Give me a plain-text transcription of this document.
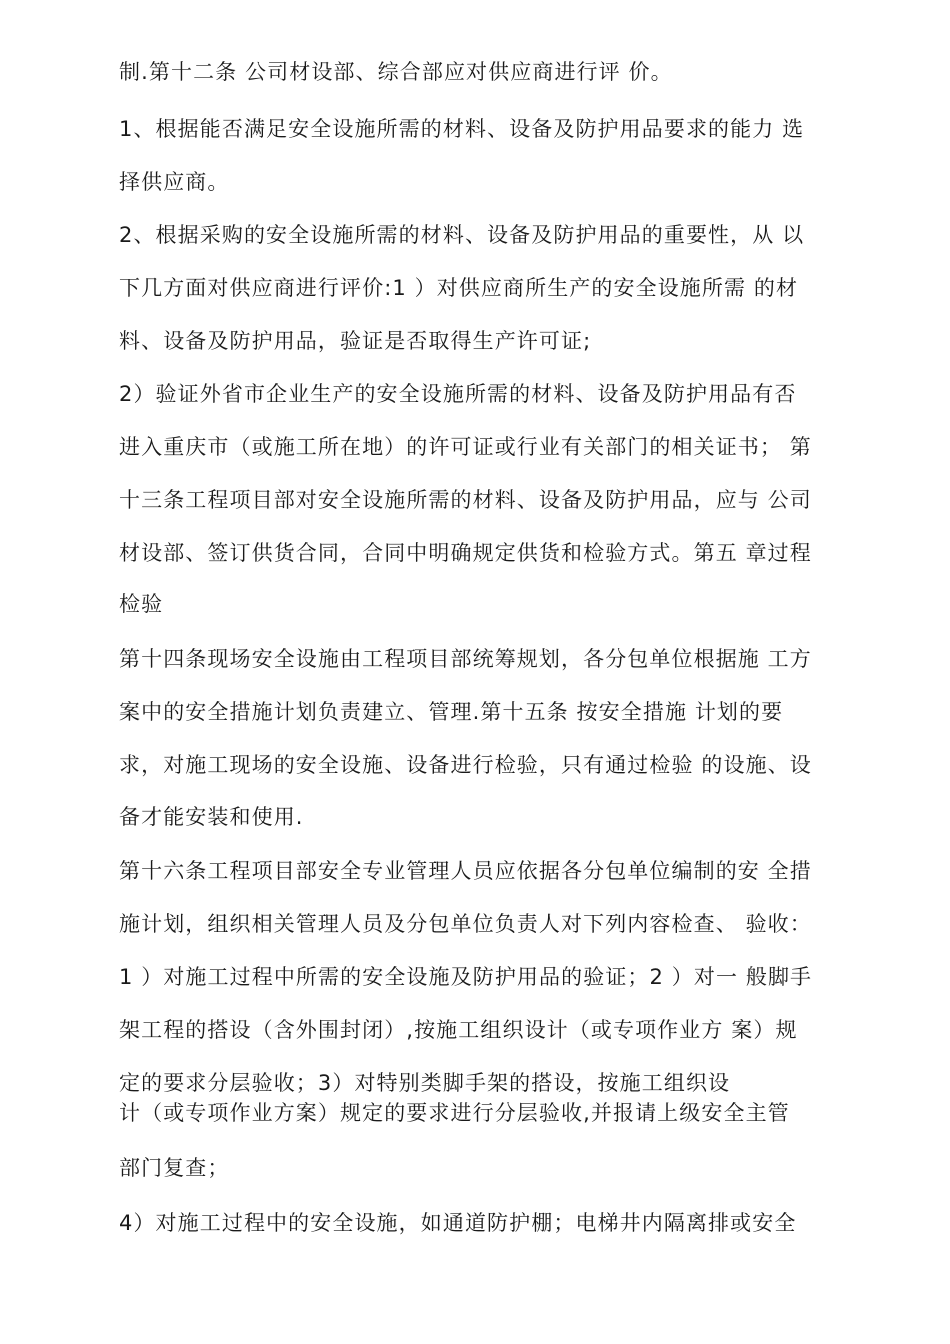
制.第十二条 公司材设部、综合部应对供应商进行评 价。
1、根据能否满足安全设施所需的材料、设备及防护用品要求的能力 选
择供应商。
2、根据采购的安全设施所需的材料、设备及防护用品的重要性，从 以
下几方面对供应商进行评价:1 ）对供应商所生产的安全设施所需 的材
料、设备及防护用品，验证是否取得生产许可证;
2）验证外省市企业生产的安全设施所需的材料、设备及防护用品有否
进入重庆市（或施工所在地）的许可证或行业有关部门的相关证书； 第
十三条工程项目部对安全设施所需的材料、设备及防护用品，应与 公司
材设部、签订供货合同，合同中明确规定供货和检验方式。第五 章过程
检验
第十四条现场安全设施由工程项目部统筹规划，各分包单位根据施 工方
案中的安全措施计划负责建立、管理.第十五条 按安全措施 计划的要
求，对施工现场的安全设施、设备进行检验，只有通过检验 的设施、设
备才能安装和使用.
第十六条工程项目部安全专业管理人员应依据各分包单位编制的安 全措
施计划，组织相关管理人员及分包单位负责人对下列内容检查、 验收：
1 ）对施工过程中所需的安全设施及防护用品的验证；2 ）对一 般脚手
架工程的搭设（含外围封闭）,按施工组织设计（或专项作业方 案）规
定的要求分层验收；3）对特别类脚手架的搭设，按施工组织设
计（或专项作业方案）规定的要求进行分层验收,并报请上级安全主管
部门复查；
4）对施工过程中的安全设施，如通道防护棚；电梯井内隔离排或安全
